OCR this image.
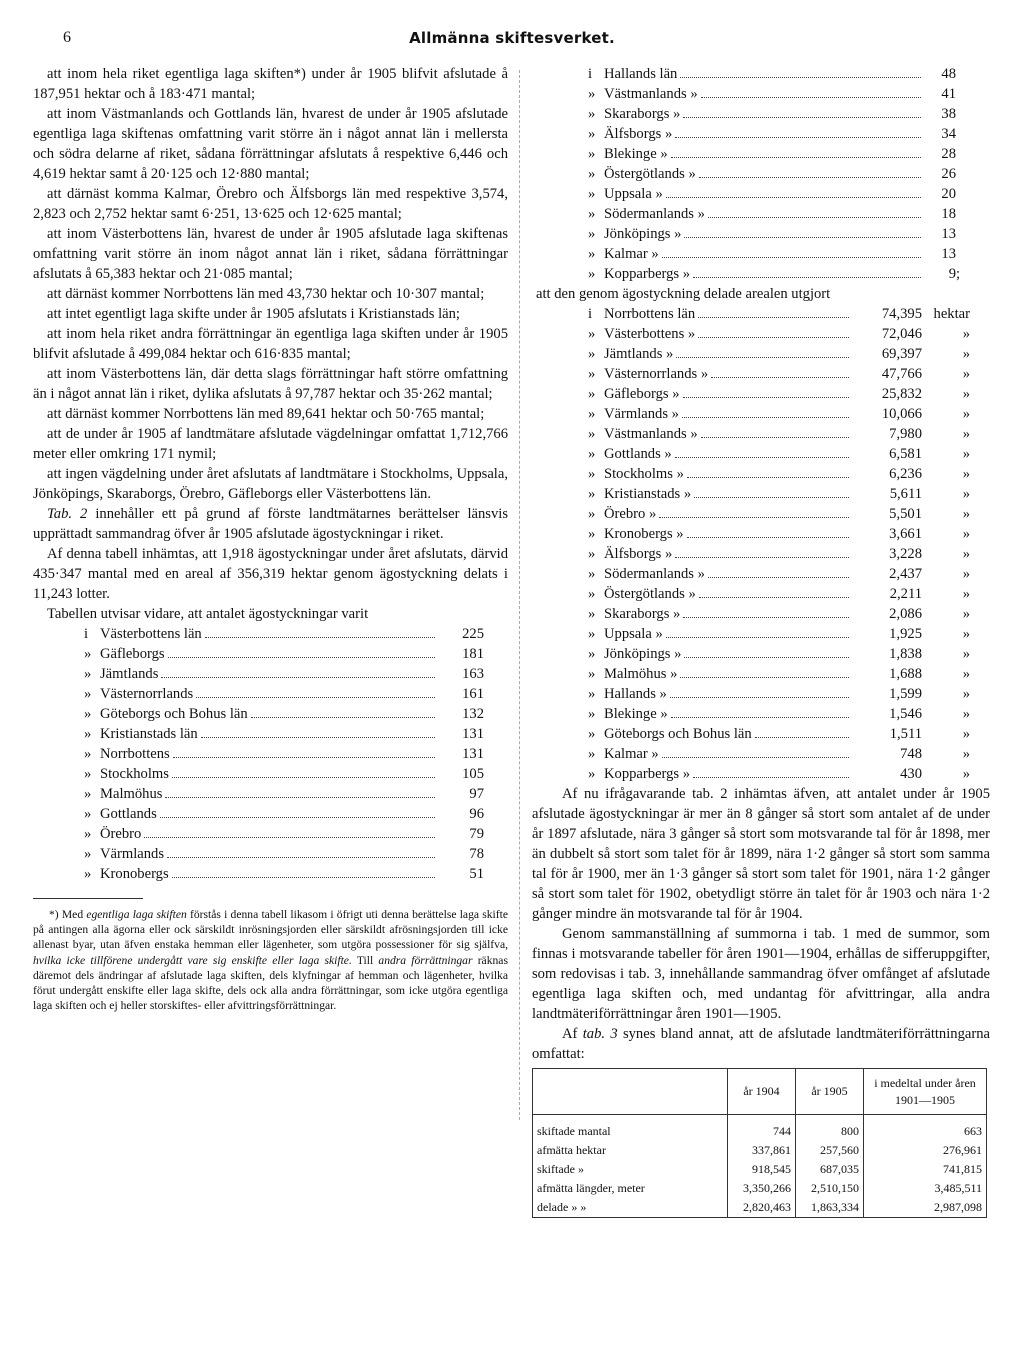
6	Allmänna skiftesverket.

att inom hela riket egentliga laga skiften*) under år 1905 blifvit afslutade å 187,951 hektar och å 183·471 mantal;

att inom Västmanlands och Gottlands län, hvarest de under år 1905 afslutade egentliga laga skiftenas omfattning varit större än i något annat län i mellersta och södra delarne af riket, sådana förrättningar afslutats å respektive 6,446 och 4,619 hektar samt å 20·125 och 12·880 mantal;

att därnäst komma Kalmar, Örebro och Älfsborgs län med respektive 3,574, 2,823 och 2,752 hektar samt 6·251, 13·625 och 12·625 mantal;

att inom Västerbottens län, hvarest de under år 1905 afslutade laga skiftenas omfattning varit större än inom något annat län i riket, sådana förrättningar afslutats å 65,383 hektar och 21·085 mantal;

att därnäst kommer Norrbottens län med 43,730 hektar och 10·307 mantal;

att intet egentligt laga skifte under år 1905 afslutats i Kristianstads län;

att inom hela riket andra förrättningar än egentliga laga skiften under år 1905 blifvit afslutade å 499,084 hektar och 616·835 mantal;

att inom Västerbottens län, där detta slags förrättningar haft större omfattning än i något annat län i riket, dylika afslutats å 97,787 hektar och 35·262 mantal;

att därnäst kommer Norrbottens län med 89,641 hektar och 50·765 mantal;

att de under år 1905 af landtmätare afslutade vägdelningar omfattat 1,712,766 meter eller omkring 171 nymil;

att ingen vägdelning under året afslutats af landtmätare i Stockholms, Uppsala, Jönköpings, Skaraborgs, Örebro, Gäfleborgs eller Västerbottens län.

Tab. 2 innehåller ett på grund af förste landtmätarnes berättelser länsvis upprättadt sammandrag öfver år 1905 afslutade ägostyckningar i riket.

Af denna tabell inhämtas, att 1,918 ägostyckningar under året afslutats, därvid 435·347 mantal med en areal af 356,319 hektar genom ägostyckning delats i 11,243 lotter.

Tabellen utvisar vidare, att antalet ägostyckningar varit

i Västerbottens län	225
» Gäfleborgs	181
» Jämtlands	163
» Västernorrlands	161
» Göteborgs och Bohus län	132
» Kristianstads län	131
» Norrbottens	131
» Stockholms	105
» Malmöhus	97
» Gottlands	96
» Örebro	79
» Värmlands	78
» Kronobergs	51

*) Med egentliga laga skiften förstås i denna tabell likasom i öfrigt uti denna berättelse laga skifte på antingen alla ägorna eller ock särskildt inrösningsjorden eller särskildt afrösningsjorden till icke allenast byar, utan äfven enstaka hemman eller lägenheter, som utgöra possessioner för sig själfva, hvilka icke tillförene undergått vare sig enskifte eller laga skifte. Till andra förrättningar räknas däremot dels ändringar af afslutade laga skiften, dels klyfningar af hemman och lägenheter, hvilka förut undergått enskifte eller laga skifte, dels ock alla andra förrättningar, som icke utgöra egentliga laga skiften och ej heller storskiftes- eller afvittringsförrättningar.

i Hallands län	48
» Västmanlands »	41
» Skaraborgs »	38
» Älfsborgs »	34
» Blekinge »	28
» Östergötlands »	26
» Uppsala »	20
» Södermanlands »	18
» Jönköpings »	13
» Kalmar »	13
» Kopparbergs »	9 ;

att den genom ägostyckning delade arealen utgjort

i Norrbottens län	74,395 hektar
» Västerbottens »	72,046	»
» Jämtlands »	69,397	»
» Västernorrlands »	47,766	»
» Gäfleborgs »	25,832	»
» Värmlands »	10,066	»
» Västmanlands »	7,980	»
» Gottlands »	6,581	»
» Stockholms »	6,236	»
» Kristianstads »	5,611	»
» Örebro »	5,501	»
» Kronobergs »	3,661	»
» Älfsborgs »	3,228	»
» Södermanlands »	2,437	»
» Östergötlands »	2,211	»
» Skaraborgs »	2,086	»
» Uppsala »	1,925	»
» Jönköpings »	1,838	»
» Malmöhus »	1,688	»
» Hallands »	1,599	»
» Blekinge »	1,546	»
» Göteborgs och Bohus län	1,511	»
» Kalmar »	748	»
» Kopparbergs »	430	»

Af nu ifrågavarande tab. 2 inhämtas äfven, att antalet under år 1905 afslutade ägostyckningar är mer än 8 gånger så stort som antalet af de under år 1897 afslutade, nära 3 gånger så stort som motsvarande tal för år 1898, mer än dubbelt så stort som talet för år 1899, nära 1·2 gånger så stort som samma tal för år 1900, mer än 1·3 gånger så stort som talet för 1901, nära 1·2 gånger så stort som talet för 1902, obetydligt större än talet för år 1903 och nära 1·2 gånger mindre än motsvarande tal för år 1904.

Genom sammanställning af summorna i tab. 1 med de summor, som finnas i motsvarande tabeller för åren 1901—1904, erhållas de sifferuppgifter, som redovisas i tab. 3, innehållande sammandrag öfver omfånget af afslutade egentliga laga skiften och, med undantag för afvittringar, alla andra landtmäteriförrättningar åren 1901—1905.

Af tab. 3 synes bland annat, att de afslutade landtmäteriförrättningarna omfattat:

	år 1904	år 1905	i medeltal under åren 1901—1905
skiftade mantal	744	800	663
afmätta hektar	337,861	257,560	276,961
skiftade »	918,545	687,035	741,815
afmätta längder, meter	3,350,266	2,510,150	3,485,511
delade » »	2,820,463	1,863,334	2,987,098
